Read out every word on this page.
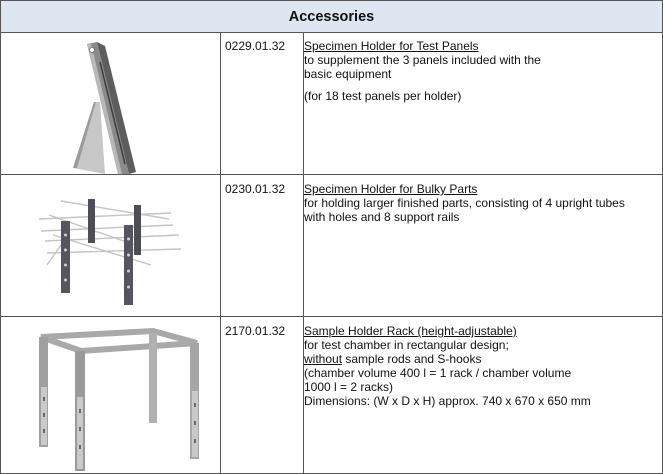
Accessories
0229.01.32	Specimen Holder for Test Panels
to supplement the 3 panels included with the
basic equipment
(for 18 test panels per holder)
0230.01.32	Specimen Holder for Bulky Parts
for holding larger finished parts, consisting of 4 upright tubes
with holes and 8 support rails
2170.01.32	Sample Holder Rack (height-adjustable)
for test chamber in rectangular design;
without sample rods and S-hooks
(chamber volume 400 l = 1 rack / chamber volume
1000 l = 2 racks)
Dimensions: (W x D x H) approx. 740 x 670 x 650 mm
